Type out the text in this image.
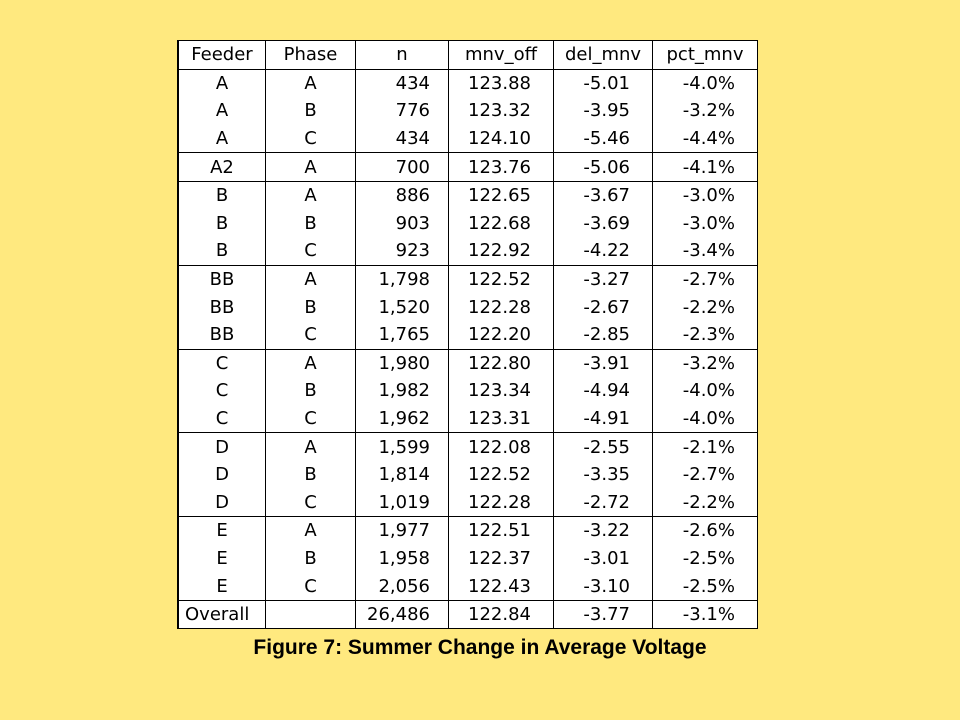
Feeder	Phase	n	mnv_off	del_mnv	pct_mnv
A	A	434	123.88	-5.01	-4.0%
A	B	776	123.32	-3.95	-3.2%
A	C	434	124.10	-5.46	-4.4%
A2	A	700	123.76	-5.06	-4.1%
B	A	886	122.65	-3.67	-3.0%
B	B	903	122.68	-3.69	-3.0%
B	C	923	122.92	-4.22	-3.4%
BB	A	1,798	122.52	-3.27	-2.7%
BB	B	1,520	122.28	-2.67	-2.2%
BB	C	1,765	122.20	-2.85	-2.3%
C	A	1,980	122.80	-3.91	-3.2%
C	B	1,982	123.34	-4.94	-4.0%
C	C	1,962	123.31	-4.91	-4.0%
D	A	1,599	122.08	-2.55	-2.1%
D	B	1,814	122.52	-3.35	-2.7%
D	C	1,019	122.28	-2.72	-2.2%
E	A	1,977	122.51	-3.22	-2.6%
E	B	1,958	122.37	-3.01	-2.5%
E	C	2,056	122.43	-3.10	-2.5%
Overall		26,486	122.84	-3.77	-3.1%
Figure 7: Summer Change in Average Voltage
